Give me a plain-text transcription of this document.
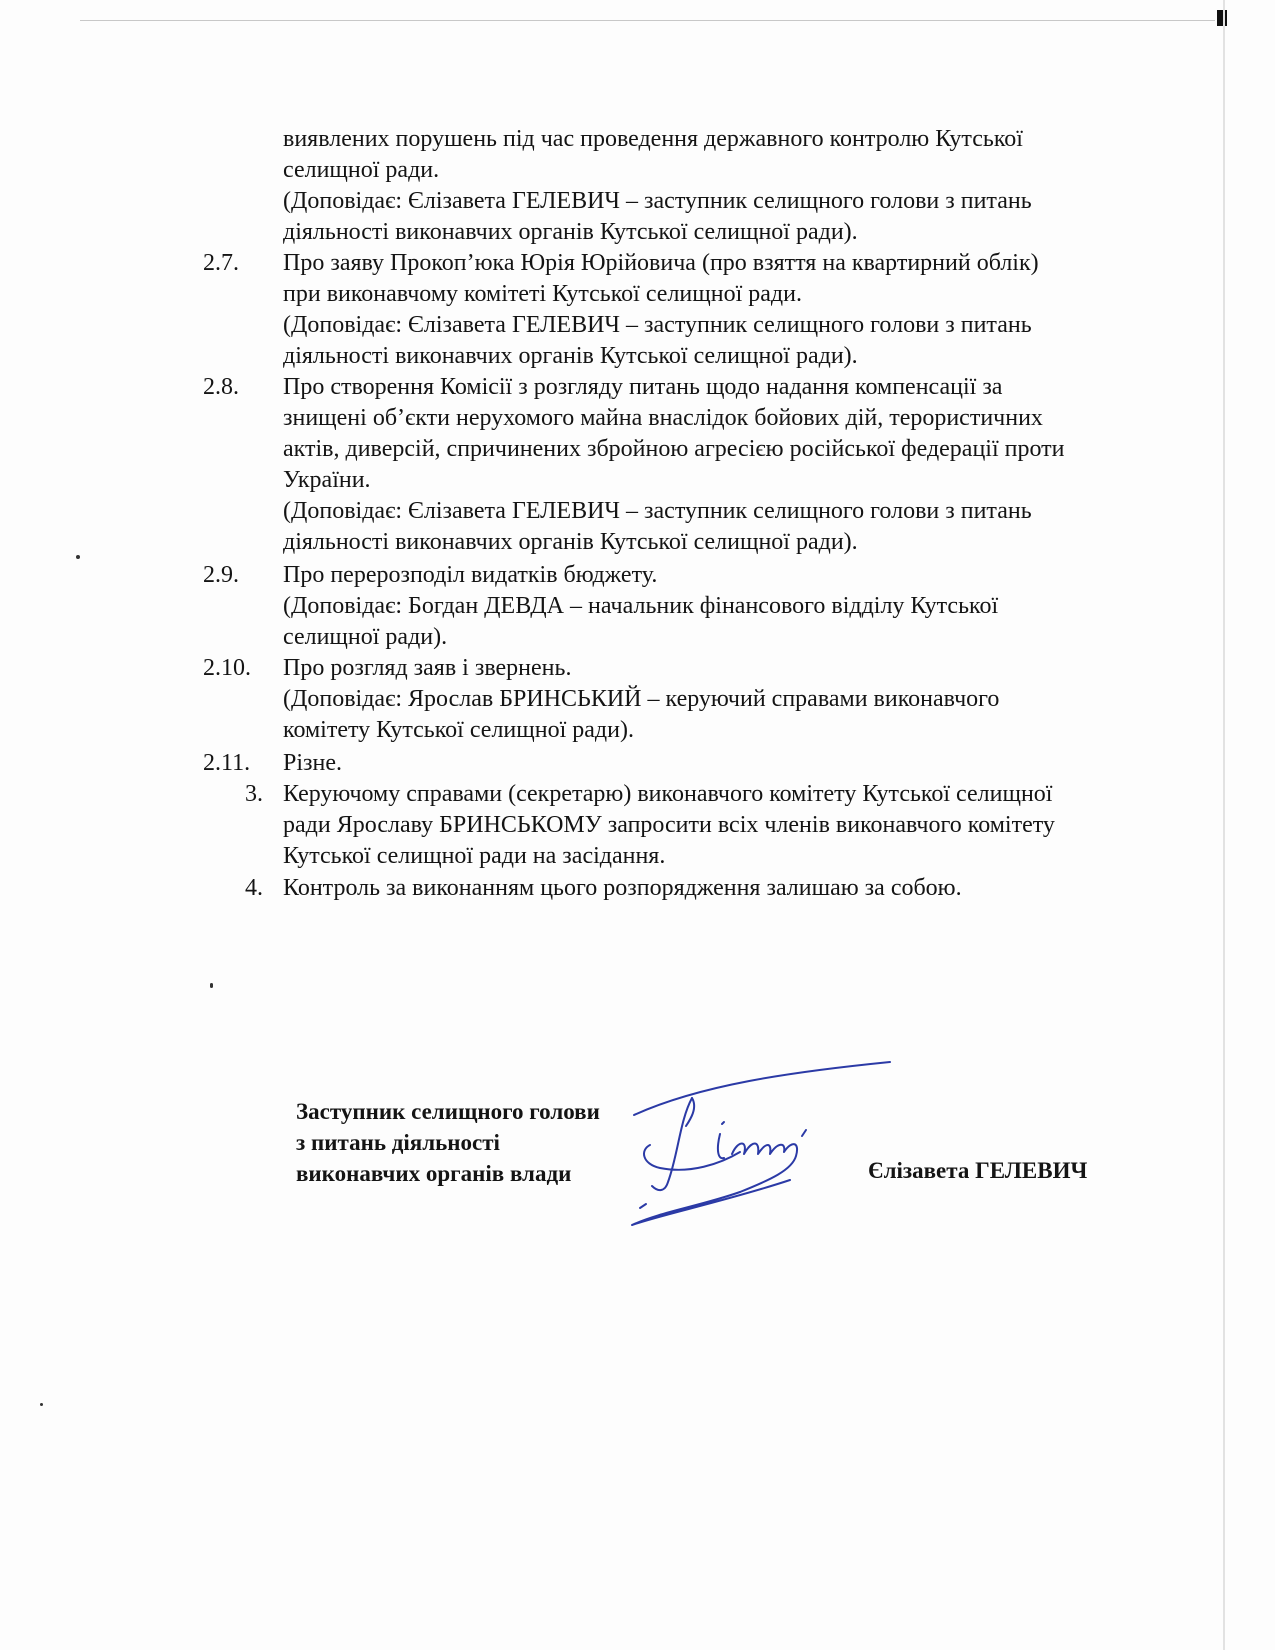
виявлених порушень під час проведення державного контролю Кутської
селищної ради.
(Доповідає: Єлізавета ГЕЛЕВИЧ – заступник селищного голови з питань
діяльності виконавчих органів Кутської селищної ради).
2.7. Про заяву Прокоп’юка Юрія Юрійовича (про взяття на квартирний облік)
при виконавчому комітеті Кутської селищної ради.
(Доповідає: Єлізавета ГЕЛЕВИЧ – заступник селищного голови з питань
діяльності виконавчих органів Кутської селищної ради).
2.8. Про створення Комісії з розгляду питань щодо надання компенсації за
знищені об’єкти нерухомого майна внаслідок бойових дій, терористичних
актів, диверсій, спричинених збройною агресією російської федерації проти
України.
(Доповідає: Єлізавета ГЕЛЕВИЧ – заступник селищного голови з питань
діяльності виконавчих органів Кутської селищної ради).
2.9. Про перерозподіл видатків бюджету.
(Доповідає: Богдан ДЕВДА – начальник фінансового відділу Кутської
селищної ради).
2.10. Про розгляд заяв і звернень.
(Доповідає: Ярослав БРИНСЬКИЙ – керуючий справами виконавчого
комітету Кутської селищної ради).
2.11. Різне.
3. Керуючому справами (секретарю) виконавчого комітету Кутської селищної
ради Ярославу БРИНСЬКОМУ запросити всіх членів виконавчого комітету
Кутської селищної ради на засідання.
4. Контроль за виконанням цього розпорядження залишаю за собою.
Заступник селищного голови
з питань діяльності
виконавчих органів влади	Єлізавета ГЕЛЕВИЧ
